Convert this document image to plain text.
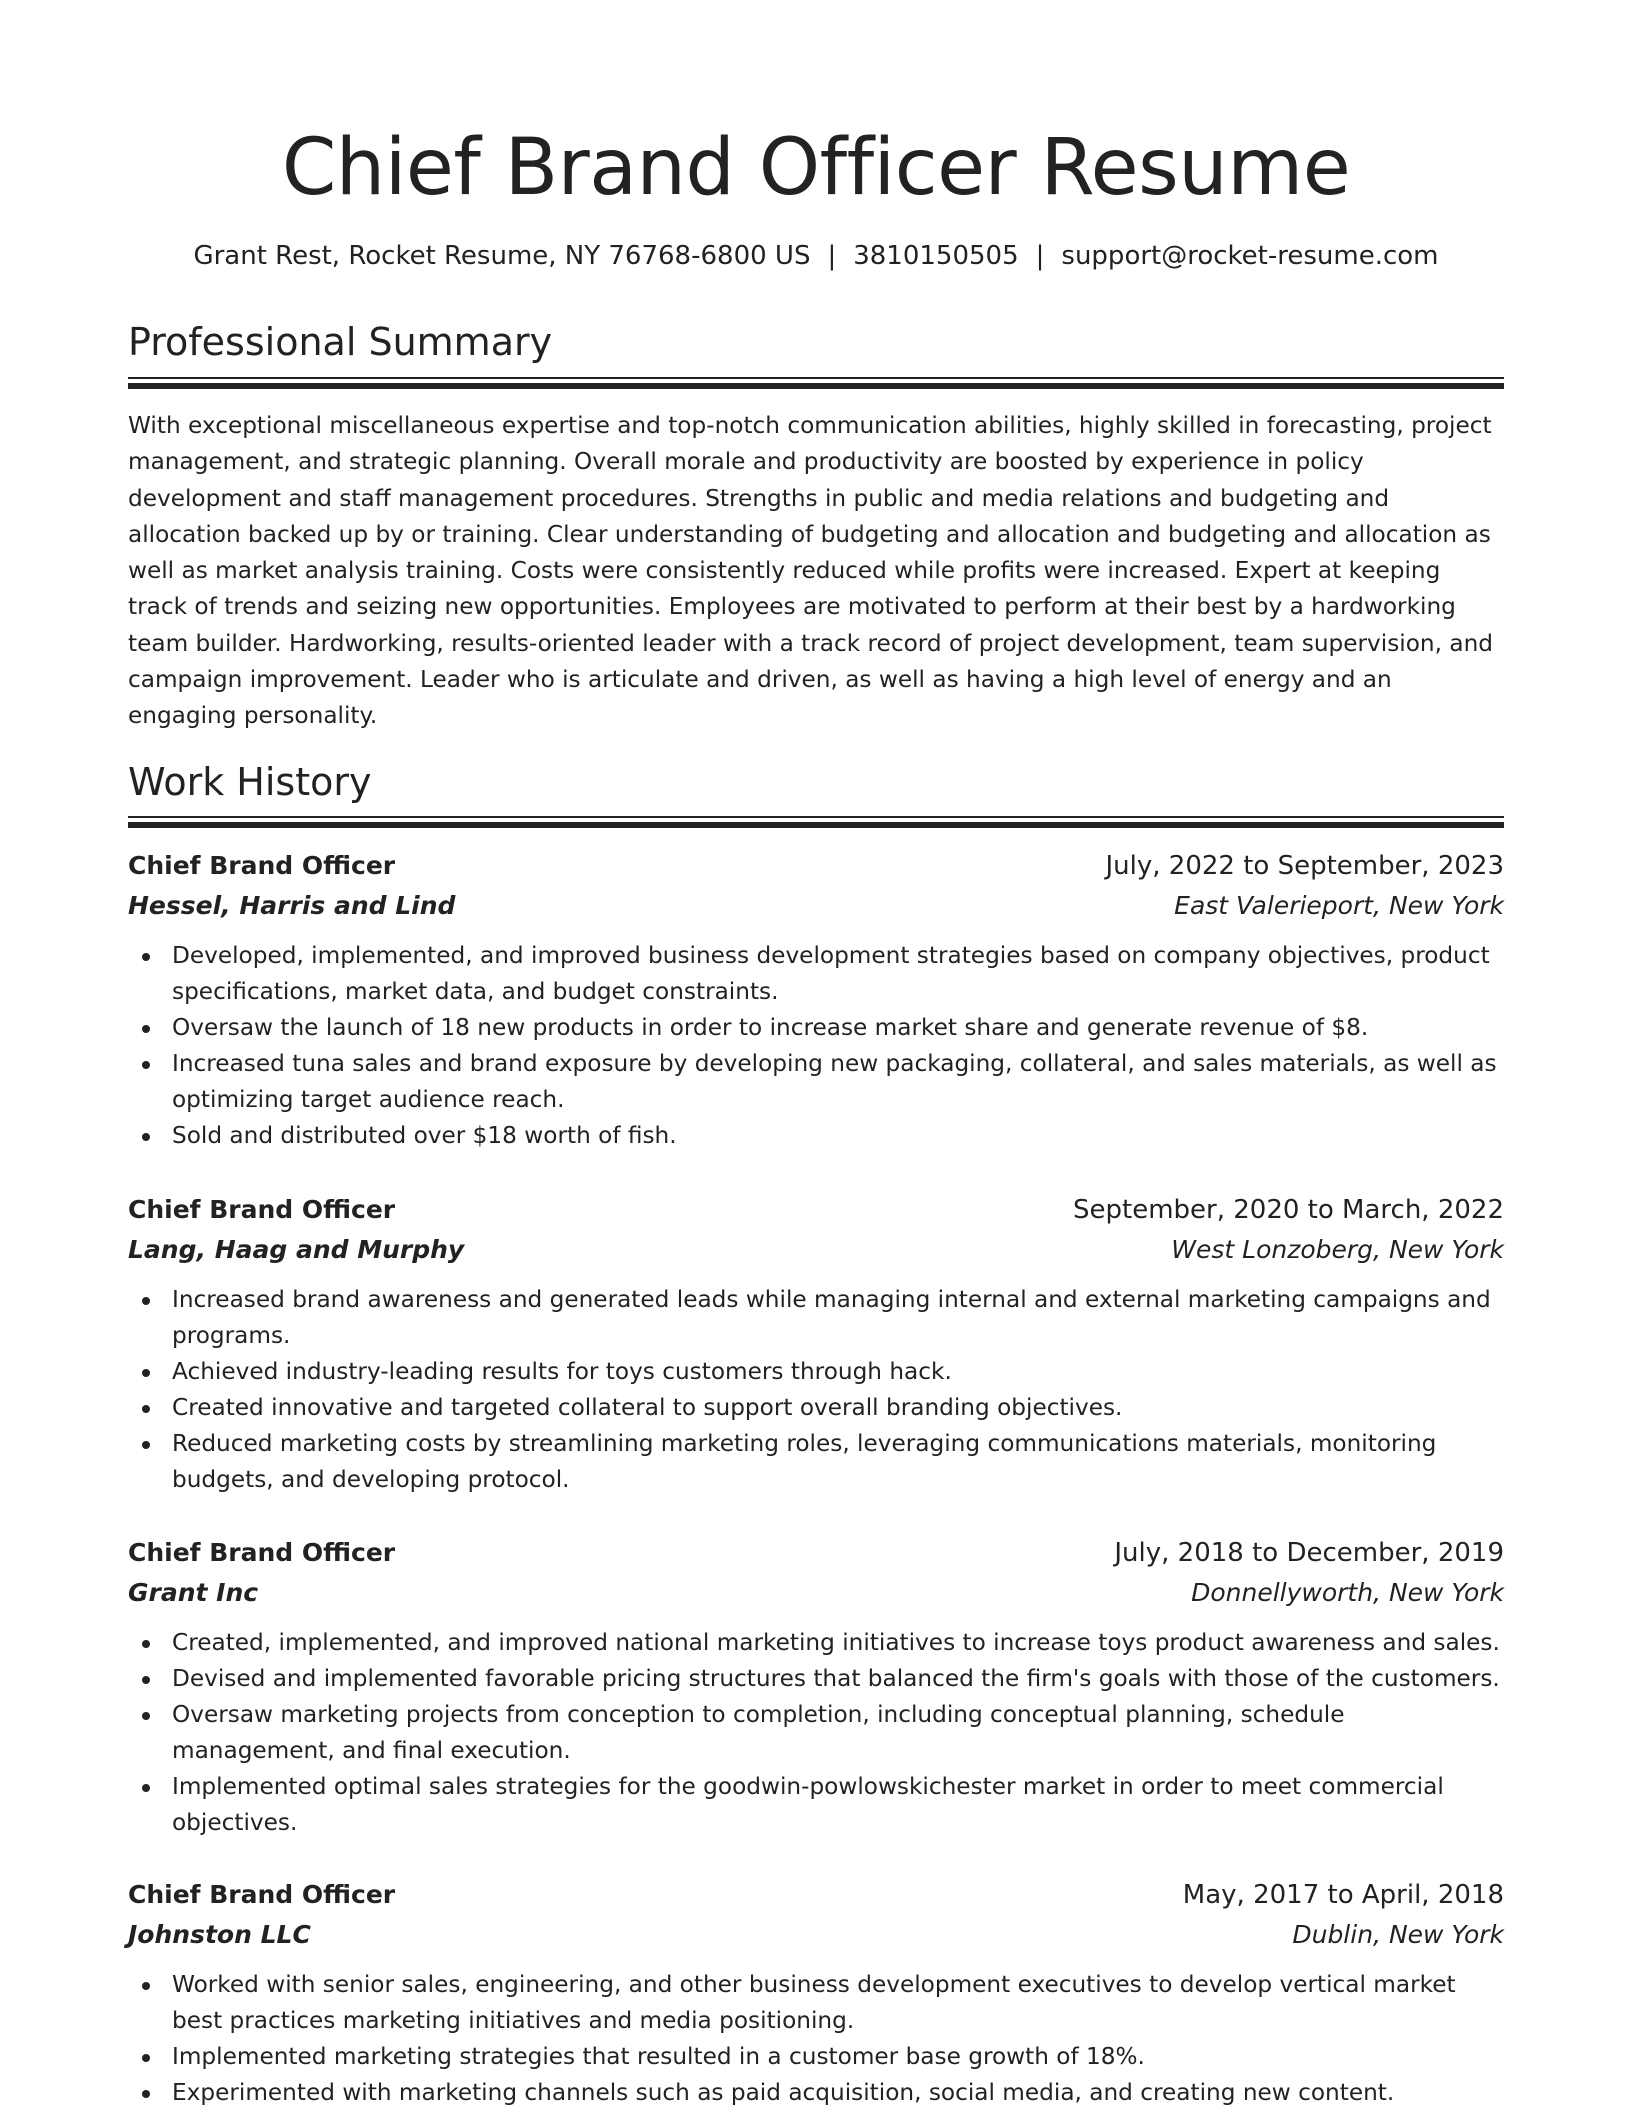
Chief Brand Officer Resume
Grant Rest, Rocket Resume, NY 76768-6800 US | 3810150505 | support@rocket-resume.com
Professional Summary

With exceptional miscellaneous expertise and top-notch communication abilities, highly skilled in forecasting, project management, and strategic planning. Overall morale and productivity are boosted by experience in policy development and staff management procedures. Strengths in public and media relations and budgeting and allocation backed up by or training. Clear understanding of budgeting and allocation and budgeting and allocation as well as market analysis training. Costs were consistently reduced while profits were increased. Expert at keeping track of trends and seizing new opportunities. Employees are motivated to perform at their best by a hardworking team builder. Hardworking, results-oriented leader with a track record of project development, team supervision, and campaign improvement. Leader who is articulate and driven, as well as having a high level of energy and an engaging personality.

Work History
Chief Brand Officer	July, 2022 to September, 2023
Hessel, Harris and Lind	East Valerieport, New York
Developed, implemented, and improved business development strategies based on company objectives, product specifications, market data, and budget constraints.
Oversaw the launch of 18 new products in order to increase market share and generate revenue of $8.
Increased tuna sales and brand exposure by developing new packaging, collateral, and sales materials, as well as optimizing target audience reach.
Sold and distributed over $18 worth of fish.
Chief Brand Officer	September, 2020 to March, 2022
Lang, Haag and Murphy	West Lonzoberg, New York
Increased brand awareness and generated leads while managing internal and external marketing campaigns and programs.
Achieved industry-leading results for toys customers through hack.
Created innovative and targeted collateral to support overall branding objectives.
Reduced marketing costs by streamlining marketing roles, leveraging communications materials, monitoring budgets, and developing protocol.
Chief Brand Officer	July, 2018 to December, 2019
Grant Inc	Donnellyworth, New York
Created, implemented, and improved national marketing initiatives to increase toys product awareness and sales.
Devised and implemented favorable pricing structures that balanced the firm's goals with those of the customers.
Oversaw marketing projects from conception to completion, including conceptual planning, schedule management, and final execution.
Implemented optimal sales strategies for the goodwin-powlowskichester market in order to meet commercial objectives.
Chief Brand Officer	May, 2017 to April, 2018
Johnston LLC	Dublin, New York
Worked with senior sales, engineering, and other business development executives to develop vertical market best practices marketing initiatives and media positioning.
Implemented marketing strategies that resulted in a customer base growth of 18%.
Experimented with marketing channels such as paid acquisition, social media, and creating new content.
